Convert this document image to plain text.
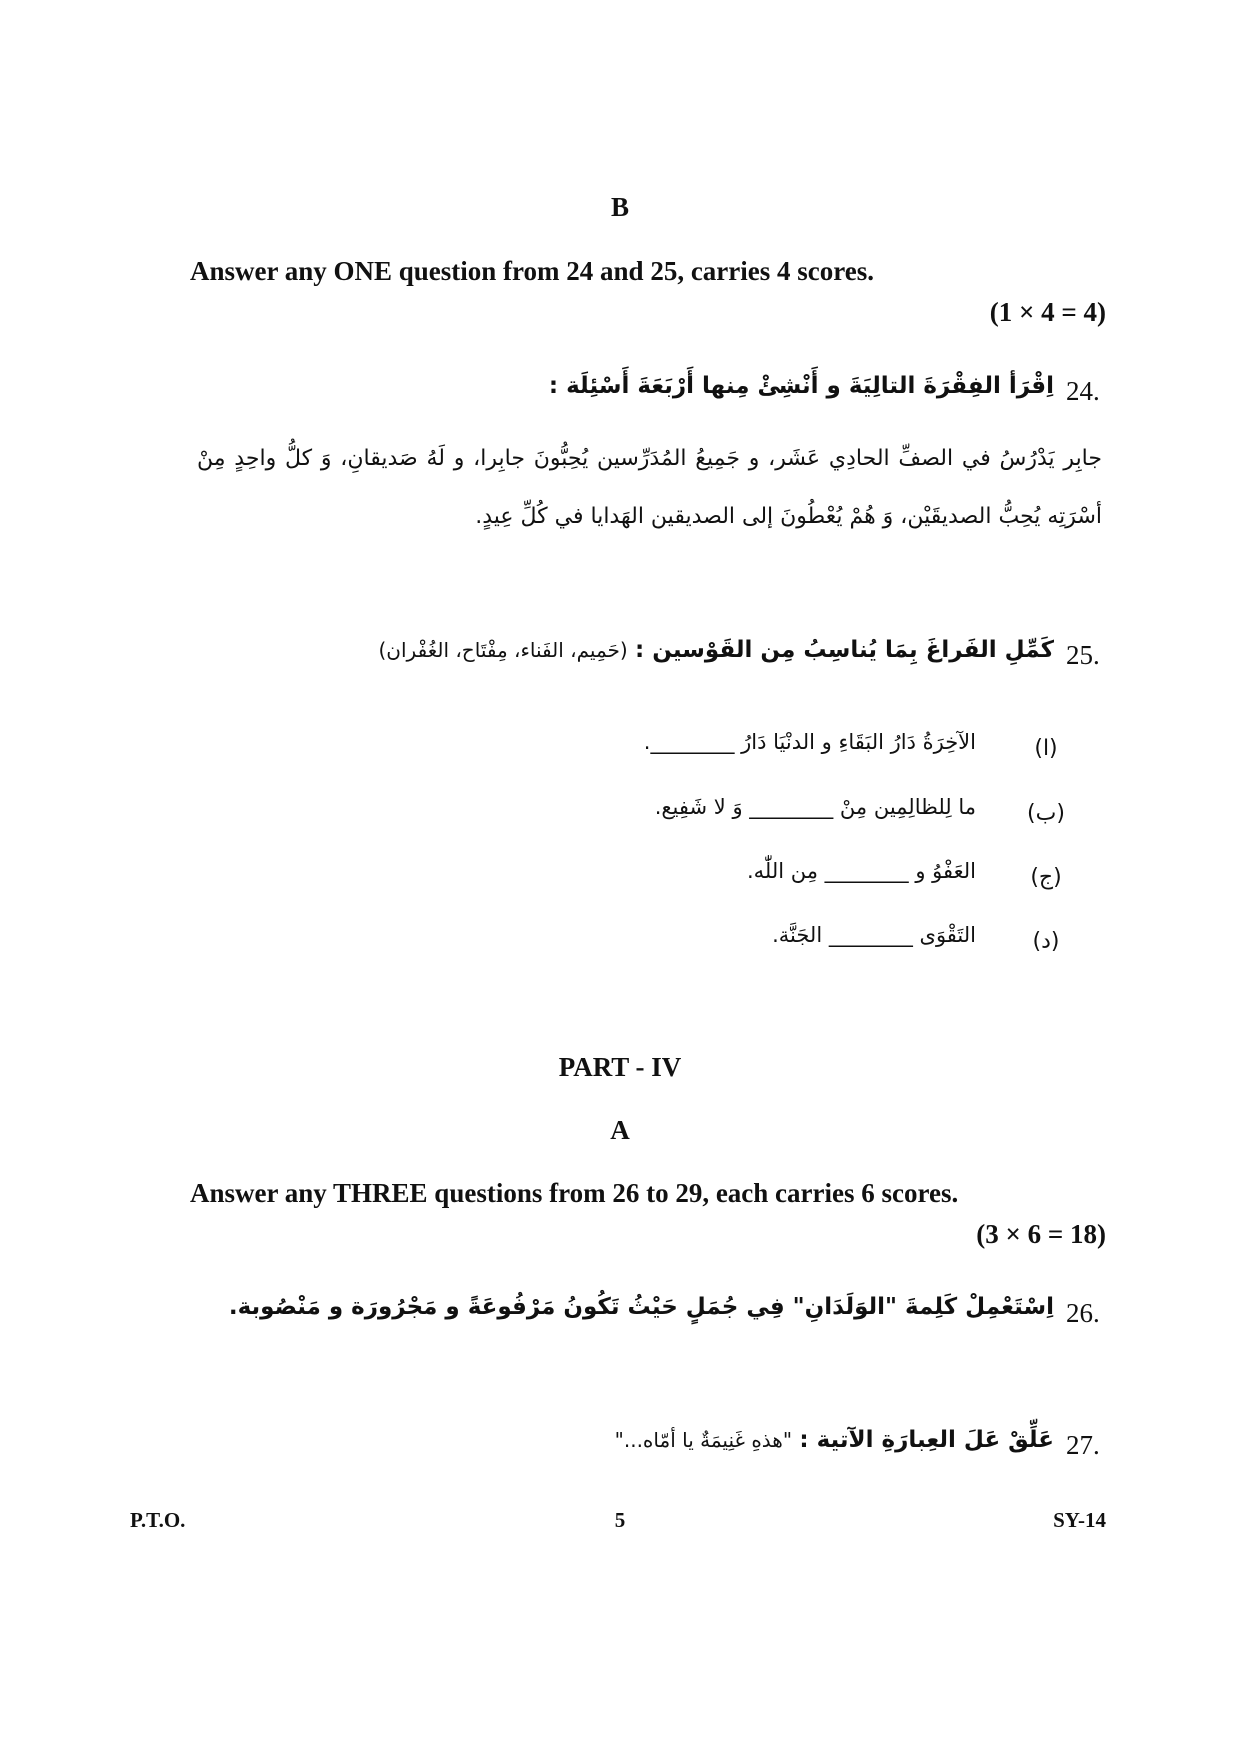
B
Answer any ONE question from 24 and 25, carries 4 scores.
(1 × 4 = 4)
24.
اِقْرَأ الفِقْرَةَ التالِيَةَ و أَنْشِئْ مِنها أَرْبَعَةَ أَسْئِلَة :
جابِر يَدْرُسُ في الصفِّ الحادِي عَشَر، و جَمِيعُ المُدَرِّسين يُحِبُّونَ جابِرا، و لَهُ صَديقانِ، وَ كلُّ واحِدٍ مِنْ أسْرَتِه يُحِبُّ الصديقَيْن، وَ هُمْ يُعْطُونَ إلى الصديقين الهَدايا في كُلِّ عِيدٍ.
25.
كَمِّلِ الفَراغَ بِمَا يُناسِبُ مِن القَوْسين : (حَمِيم، الفَناء، مِفْتَاح، الغُفْران)
(ا)
الآخِرَةُ دَارُ البَقَاءِ و الدنْيَا دَارُ ________.
(ب)
ما لِلظالِمِين مِنْ ________ وَ لا شَفِيع.
(ج)
العَفْوُ و ________ مِن اللّٰه.
(د)
التَقْوَى ________ الجَنَّة.
PART - IV
A
Answer any THREE questions from 26 to 29, each carries 6 scores.
(3 × 6 = 18)
26.
اِسْتَعْمِلْ كَلِمةَ "الوَلَدَانِ" فِي جُمَلٍ حَيْثُ تَكُونُ مَرْفُوعَةً و مَجْرُورَة و مَنْصُوبة.
27.
عَلِّقْ عَلَ العِبارَةِ الآتية : "هذهِ غَنِيمَةٌ يا أمّاه..."
P.T.O.	5	SY-14
